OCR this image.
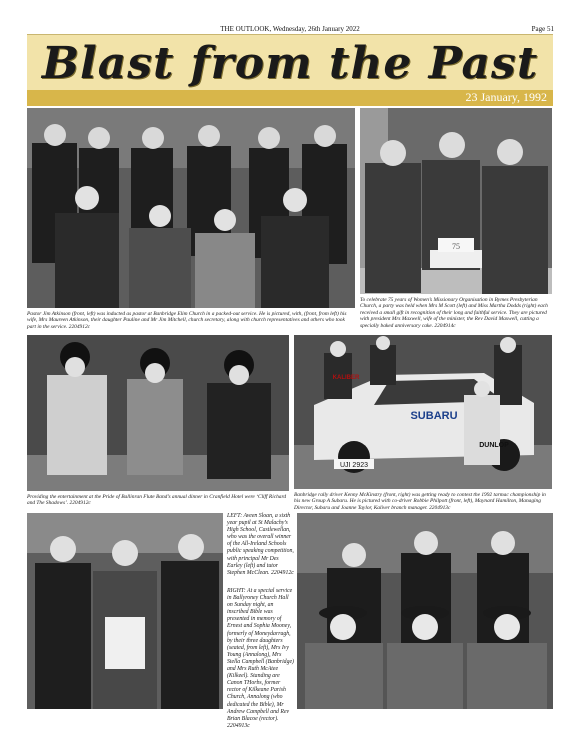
THE OUTLOOK, Wednesday, 26th January 2022	Page 51
Blast from the Past
23 January, 1992

Pastor Jim Atkinson (front, left) was inducted as pastor at Banbridge Elim Church in a packed-out service. He is pictured, with, (front, from left) his wife, Mrs Maureen Atkinson, their daughter Pauline and Mr Jim Mitchell, church secretary, along with church representatives and others who took part in the service. 2204912c

75

To celebrate 75 years of Women’s Missionary Organisation in Bymes Presbyterian Church, a party was held when Mrs M Scott (left) and Miss Martha Dodds (right) each received a small gift in recognition of their long and faithful service. They are pictured with president Mrs Maxwell, wife of the minister, the Rev David Maxwell, cutting a specially baked anniversary cake. 2204914c

Providing the entertainment at the Pride of Ballinran Flute Band’s annual dinner in Cranfield Hotel were ‘Cliff Richard and The Shadows’. 2204912c

SUBARU
KALIBER
DUNLOP
UJI 2923

Banbridge rally driver Kenny McKinstry (front, right) was getting ready to contest the 1992 tarmac championship in his new Group A Subaru. He is pictured with co-driver Robbie Philpott (front, left), Maynard Hamilton, Managing Director, Subaru and Joanne Taylor, Kaliver branch manager. 2204913c

LEFT: Aveen Sloan, a sixth year pupil at St Malachy’s High School, Castlewellan, who was the overall winner of the All-Ireland Schools public speaking competition, with principal Mr Des Earley (left) and tutor Stephen McClean. 2204912c

RIGHT: At a special service in Ballyroney Church Hall on Sunday night, an inscribed Bible was presented in memory of Ernest and Sophia Mooney, formerly of Moneydarragh, by their three daughters (seated, from left), Mrs Ivy Young (Annalong), Mrs Stella Campbell (Banbridge) and Mrs Ruth McAtee (Kilkeel). Standing are Canon THorbs, former rector of Kilkeane Parish Church, Annalong (who dedicated the Bible), Mr Andrew Campbell and Rev Brian Blacoe (rector). 2204913c
